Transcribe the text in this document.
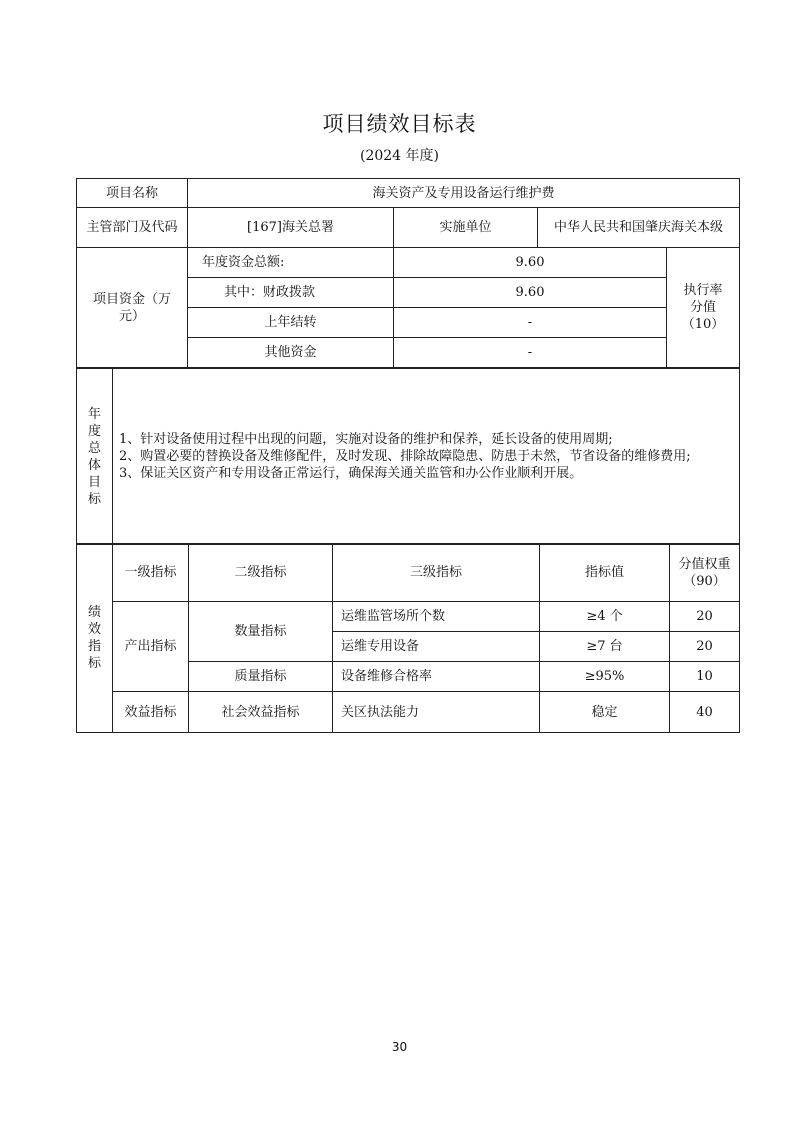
项目绩效目标表
(2024 年度)
项目名称	海关资产及专用设备运行维护费			
主管部门及代码	[167]海关总署	实施单位	中华人民共和国肇庆海关本级	
项目资金（万元）	年度资金总额:	9.60		执行率分值（10）
	其中：财政拨款	9.60		
	上年结转	-		
	其他资金	-		
年度总体目标	
1、针对设备使用过程中出现的问题，实施对设备的维护和保养，延长设备的使用周期;
2、购置必要的替换设备及维修配件，及时发现、排除故障隐患、防患于未然，节省设备的维修费用;
3、保证关区资产和专用设备正常运行，确保海关通关监管和办公作业顺利开展。
绩效指标	一级指标	二级指标	三级指标	指标值	分值权重（90）
	产出指标	数量指标	运维监管场所个数	≥4 个	20
			运维专用设备	≥7 台	20
		质量指标	设备维修合格率	≥95%	10
	效益指标	社会效益指标	关区执法能力	稳定	40
30
